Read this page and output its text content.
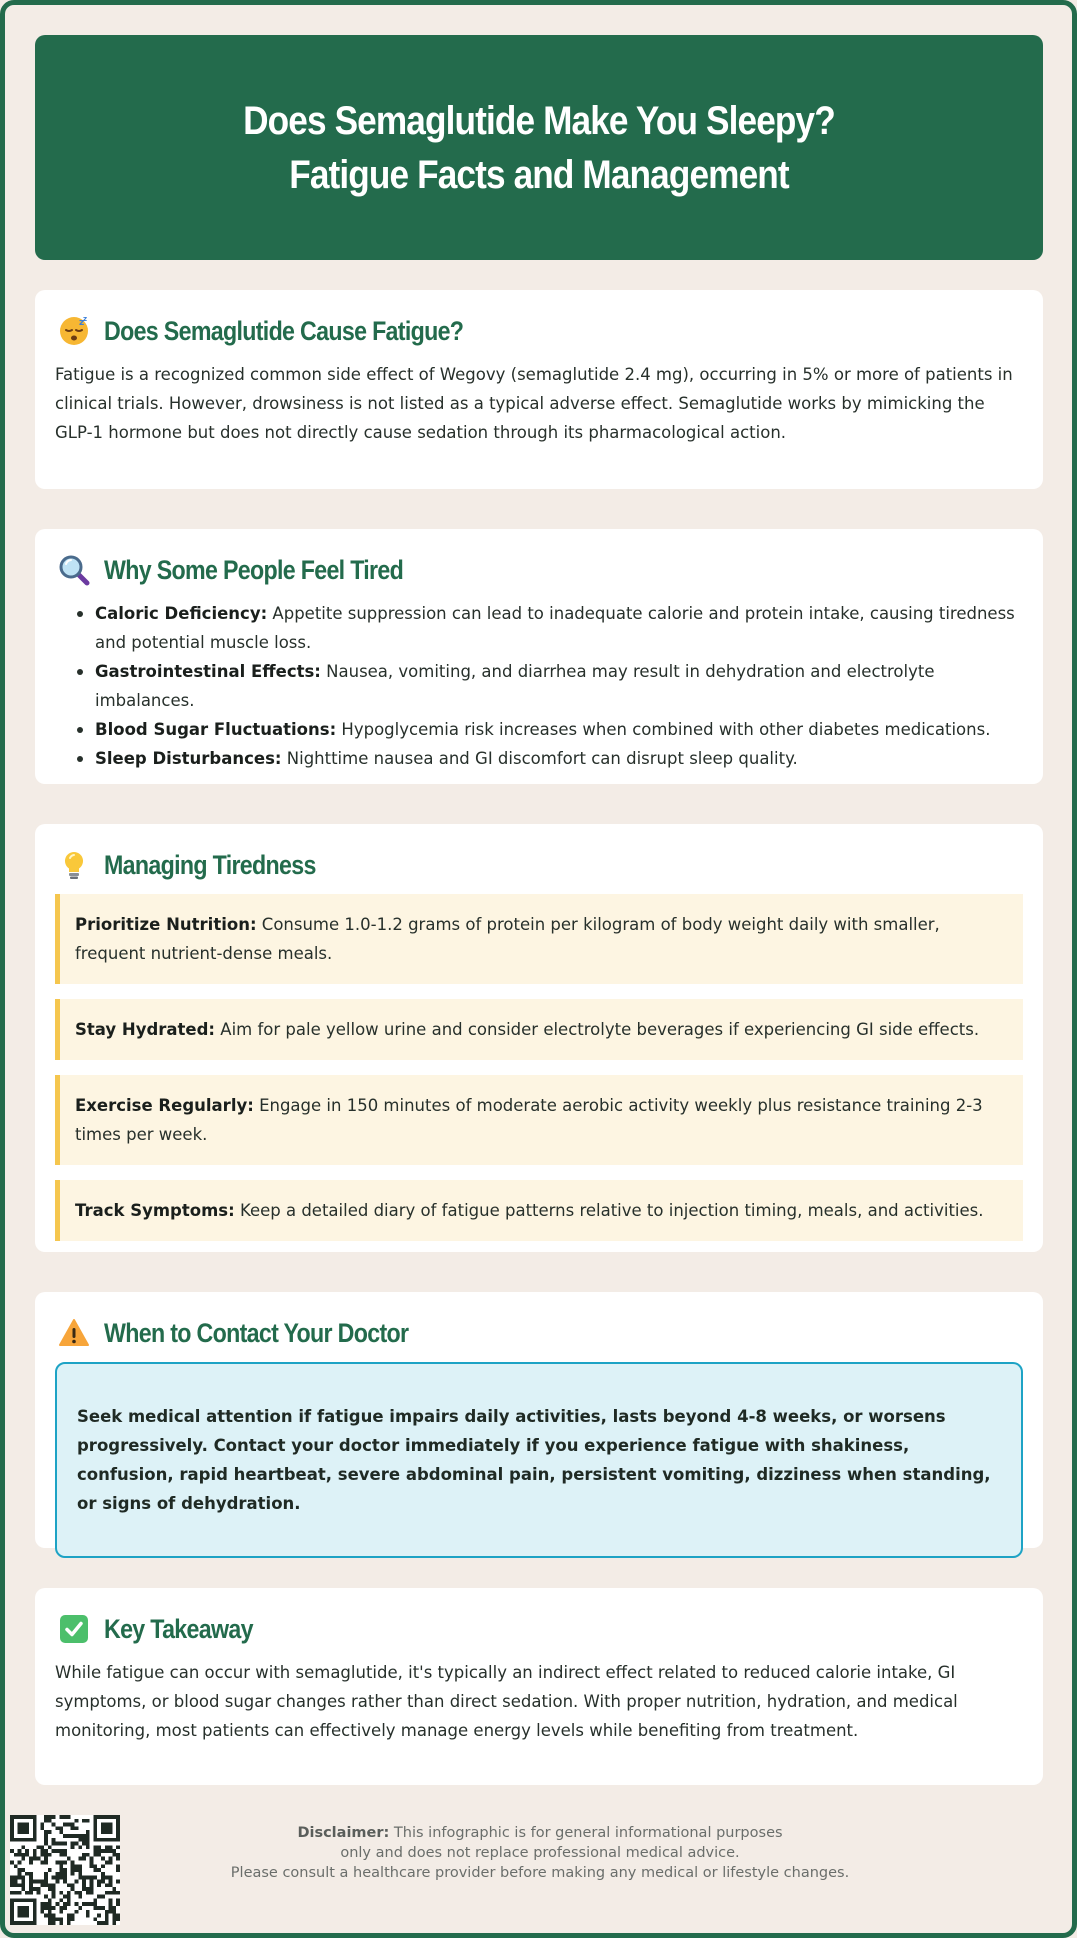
Does Semaglutide Make You Sleepy? Fatigue Facts and Management
z
z Does Semaglutide Cause Fatigue?

Fatigue is a recognized common side effect of Wegovy (semaglutide 2.4 mg), occurring in 5% or more of patients in clinical trials. However, drowsiness is not listed as a typical adverse effect. Semaglutide works by mimicking the GLP-1 hormone but does not directly cause sedation through its pharmacological action.

Why Some People Feel Tired
Caloric Deficiency: Appetite suppression can lead to inadequate calorie and protein intake, causing tiredness and potential muscle loss.
Gastrointestinal Effects: Nausea, vomiting, and diarrhea may result in dehydration and electrolyte imbalances.
Blood Sugar Fluctuations: Hypoglycemia risk increases when combined with other diabetes medications.
Sleep Disturbances: Nighttime nausea and GI discomfort can disrupt sleep quality.
Managing Tiredness
Prioritize Nutrition: Consume 1.0-1.2 grams of protein per kilogram of body weight daily with smaller, frequent nutrient-dense meals.
Stay Hydrated: Aim for pale yellow urine and consider electrolyte beverages if experiencing GI side effects.
Exercise Regularly: Engage in 150 minutes of moderate aerobic activity weekly plus resistance training 2-3 times per week.
Track Symptoms: Keep a detailed diary of fatigue patterns relative to injection timing, meals, and activities.
When to Contact Your Doctor
Seek medical attention if fatigue impairs daily activities, lasts beyond 4-8 weeks, or worsens progressively. Contact your doctor immediately if you experience fatigue with shakiness, confusion, rapid heartbeat, severe abdominal pain, persistent vomiting, dizziness when standing, or signs of dehydration.
Key Takeaway

While fatigue can occur with semaglutide, it's typically an indirect effect related to reduced calorie intake, GI symptoms, or blood sugar changes rather than direct sedation. With proper nutrition, hydration, and medical monitoring, most patients can effectively manage energy levels while benefiting from treatment.

Disclaimer: This infographic is for general informational purposes
only and does not replace professional medical advice.
Please consult a healthcare provider before making any medical or lifestyle changes.
